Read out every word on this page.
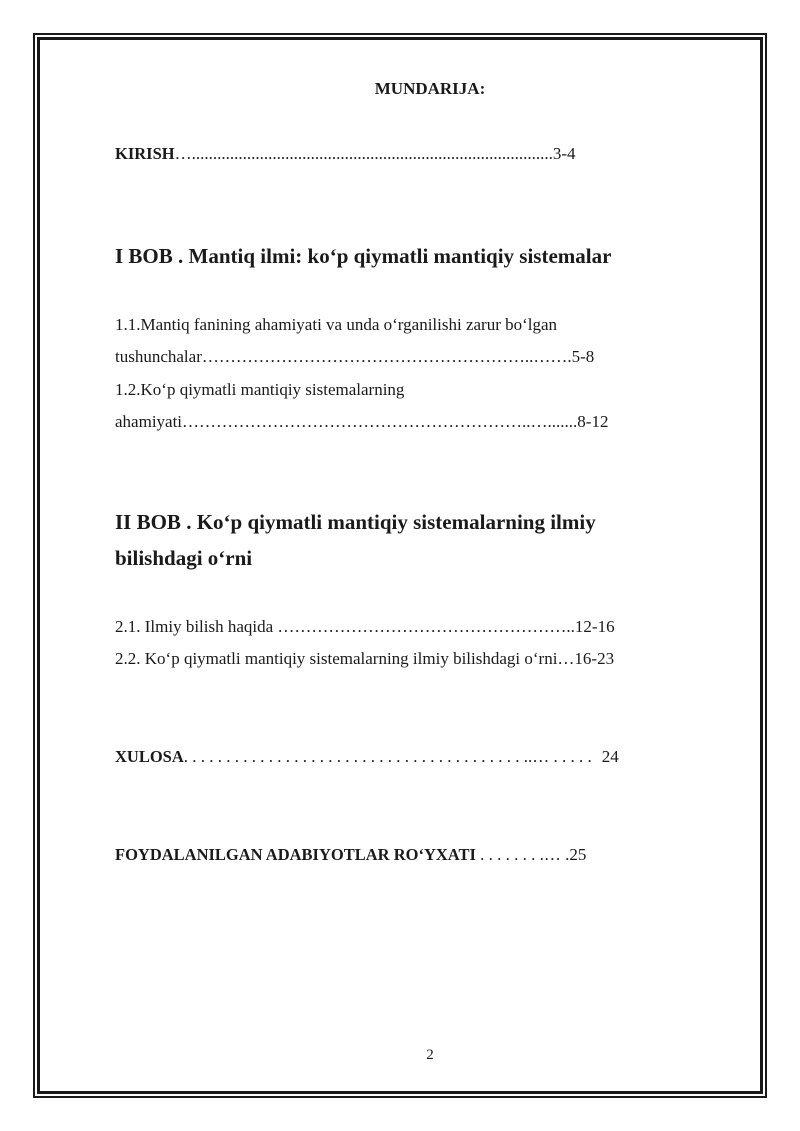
MUNDARIJA:
KIRISH….....................................................................................3-4
I BOB . Mantiq ilmi: ko‘p qiymatli mantiqiy sistemalar
1.1.Mantiq fanining ahamiyati va unda o‘rganilishi zarur bo‘lgan
tushunchalar…………………………………………………..…….5-8
1.2.Ko‘p qiymatli mantiqiy sistemalarning
ahamiyati……………………………………………………..….......8-12
II BOB . Ko‘p qiymatli mantiqiy sistemalarning ilmiy
bilishdagi o‘rni
2.1. Ilmiy bilish haqida ……………………………………………..12-16
2.2. Ko‘p qiymatli mantiqiy sistemalarning ilmiy bilishdagi o‘rni…16-23
XULOSA. . . . . . . . . . . . . . . . . . . . . . . . . . . . . . . . . . . . . . . . ..… . . . . . 24
FOYDALANILGAN ADABIYOTLAR RO‘YXATI . . . . . . . .… .25
2
